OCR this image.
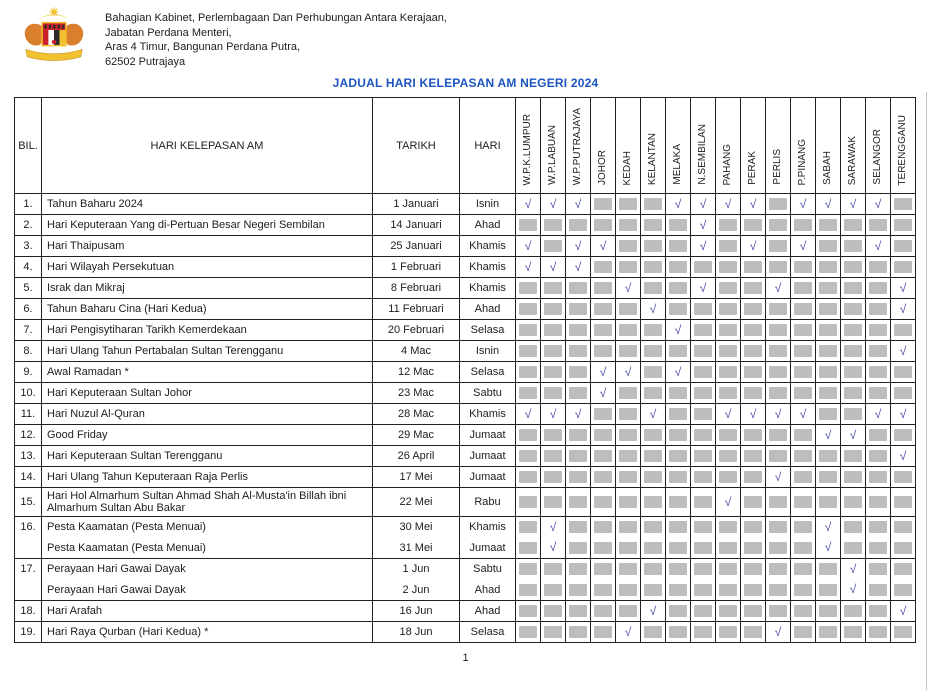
Bahagian Kabinet, Perlembagaan Dan Perhubungan Antara Kerajaan,
Jabatan Perdana Menteri,
Aras 4 Timur, Bangunan Perdana Putra,
62502 Putrajaya
JADUAL HARI KELEPASAN AM NEGERI 2024
BIL.	HARI KELEPASAN AM	TARIKH	HARI	W.P.K.LUMPUR	W.P.LABUAN	W.P.PUTRAJAYA	JOHOR	KEDAH	KELANTAN	MELAKA	N.SEMBILAN	PAHANG	PERAK	PERLIS	P.PINANG	SABAH	SARAWAK	SELANGOR	TERENGGANU
1.	Tahun Baharu 2024	1 Januari	Isnin	√	√	√				√	√	√	√		√	√	√	√	

2.	Hari Keputeraan Yang di-Pertuan Besar Negeri Sembilan	14 Januari	Ahad								√	

3.	Hari Thaipusam	25 Januari	Khamis	√		√	√				√		√		√			√	

4.	Hari Wilayah Persekutuan	1 Februari	Khamis	√	√	√	

5.	Israk dan Mikraj	8 Februari	Khamis					√			√			√					√
6.	Tahun Baharu Cina (Hari Kedua)	11 Februari	Ahad						√										√
7.	Hari Pengisytiharan Tarikh Kemerdekaan	20 Februari	Selasa							√	

8.	Hari Ulang Tahun Pertabalan Sultan Terengganu	4 Mac	Isnin																√
9.	Awal Ramadan *	12 Mac	Selasa				√	√		√	

10.	Hari Keputeraan Sultan Johor	23 Mac	Sabtu				√	

11.	Hari Nuzul Al-Quran	28 Mac	Khamis	√	√	√			√			√	√	√	√			√	√
12.	Good Friday	29 Mac	Jumaat													√	√	

13.	Hari Keputeraan Sultan Terengganu	26 April	Jumaat																√
14.	Hari Ulang Tahun Keputeraan Raja Perlis	17 Mei	Jumaat											√	

15.	Hari Hol Almarhum Sultan Ahmad Shah Al-Musta'in Billah ibni Almarhum Sultan Abu Bakar	22 Mei	Rabu									√	

16.	Pesta Kaamatan (Pesta Menuai)	30 Mei	Khamis		√											√	

	Pesta Kaamatan (Pesta Menuai)	31 Mei	Jumaat		√											√	

17.	Perayaan Hari Gawai Dayak	1 Jun	Sabtu														√	

	Perayaan Hari Gawai Dayak	2 Jun	Ahad														√	

18.	Hari Arafah	16 Jun	Ahad						√										√
19.	Hari Raya Qurban (Hari Kedua) *	18 Jun	Selasa					√						√	

1
